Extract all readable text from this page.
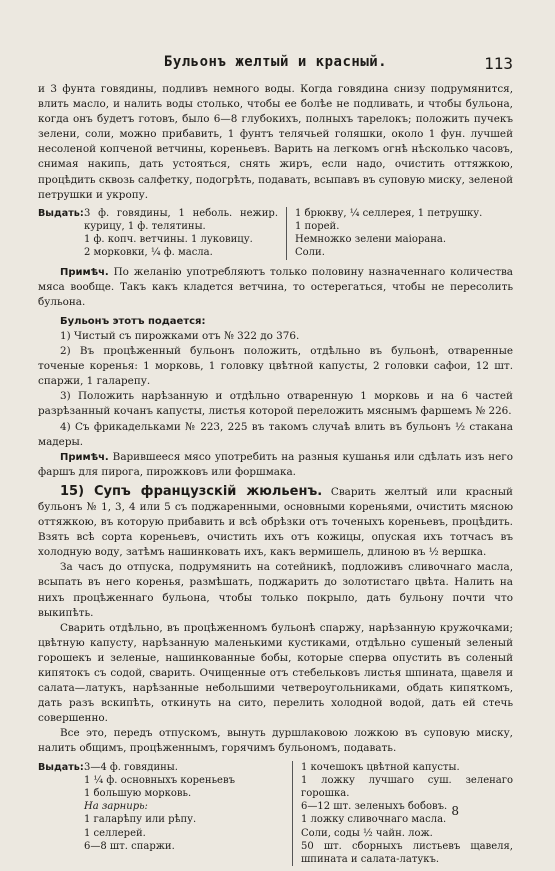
Бульонъ желтый и красный.	113

и 3 фунта говядины, подливъ немного воды. Когда говядина снизу подрумянится, влить масло, и налить воды столько, чтобы ее болѣе не подливать, и чтобы бульона, когда онъ будетъ готовъ, было 6—8 глубокихъ, полныхъ тарелокъ; положить пучекъ зелени, соли, можно прибавить, 1 фунтъ телячьей голяшки, около 1 фун. лучшей несоленой копченой ветчины, кореньевъ. Варить на легкомъ огнѣ нѣсколько часовъ, снимая накипь, дать устояться, снять жиръ, если надо, очистить оттяжкою, процѣдить сквозь салфетку, подогрѣть, подавать, всыпавъ въ суповую миску, зеленой петрушки и укропу.

Выдать: 3 ф. говядины, 1 неболь. нежир. курицу, 1 ф. телятины.
1 ф. копч. ветчины. 1 луковицу.
2 морковки, ¼ ф. масла.
1 брюкву, ¼ селлерея, 1 петрушку.
1 порей.
Немножко зелени маiорана.
Соли.

Примѣч. По желанiю употребляютъ только половину назначеннаго количества мяса вообще. Такъ какъ кладется ветчина, то остерегаться, чтобы не пересолить бульона.

Бульонъ этотъ подается:

1) Чистый съ пирожками отъ № 322 до 376.

2) Въ процѣженный бульонъ положить, отдѣльно въ бульонѣ, отваренные точеные коренья: 1 морковь, 1 головку цвѣтной капусты, 2 головки сафои, 12 шт. спаржи, 1 галарепу.

3) Положить нарѣзанную и отдѣльно отваренную 1 морковь и на 6 частей разрѣзанный кочанъ капусты, листья которой переложить мяснымъ фаршемъ № 226.

4) Съ фрикадельками № 223, 225 въ такомъ случаѣ влить въ бульонъ ½ стакана мадеры.

Примѣч. Варившееся мясо употребить на разныя кушанья или сдѣлать изъ него фаршъ для пирога, пирожковъ или форшмака.

15) Супъ французскiй жюльенъ. Сварить желтый или красный бульонъ № 1, 3, 4 или 5 съ поджаренными, основными кореньями, очистить мясною оттяжкою, въ которую прибавить и всѣ обрѣзки отъ точеныхъ кореньевъ, процѣдить. Взять всѣ сорта кореньевъ, очистить ихъ отъ кожицы, опуская ихъ тотчасъ въ холодную воду, затѣмъ нашинковать ихъ, какъ вермишель, длиною въ ½ вершка.

За часъ до отпуска, подрумянить на сотейникѣ, подложивъ сливочнаго масла, всыпать въ него коренья, размѣшать, поджарить до золотистаго цвѣта. Налить на нихъ процѣженнаго бульона, чтобы только покрыло, дать бульону почти что выкипѣть.

Сварить отдѣльно, въ процѣженномъ бульонѣ спаржу, нарѣзанную кружочками; цвѣтную капусту, нарѣзанную маленькими кустиками, отдѣльно сушеный зеленый горошекъ и зеленые, нашинкованные бобы, которые сперва опустить въ соленый кипятокъ съ содой, сварить. Очищенные отъ стебельковъ листья шпината, щавеля и салата—латукъ, нарѣзанные небольшими четвероугольниками, обдать кипяткомъ, дать разъ вскипѣть, откинуть на сито, перелить холодной водой, дать ей стечь совершенно.

Все это, передъ отпускомъ, вынуть дуршлаковою ложкою въ суповую миску, налить общимъ, процѣженнымъ, горячимъ бульономъ, подавать.

Выдать: 3—4 ф. говядины.
1 ¼ ф. основныхъ кореньевъ
1 большую морковь.
На зарнирь:
1 галарѣпу или рѣпу.
1 селлерей.
6—8 шт. спаржи.
1 кочешокъ цвѣтной капусты.
1 ложку лучшаго суш. зеленаго горошка.
6—12 шт. зеленыхъ бобовъ.
1 ложку сливочнаго масла.
Соли, соды ½ чайн. лож.
50 шт. сборныхъ листьевъ щавеля, шпината и салата-латукъ.
8
